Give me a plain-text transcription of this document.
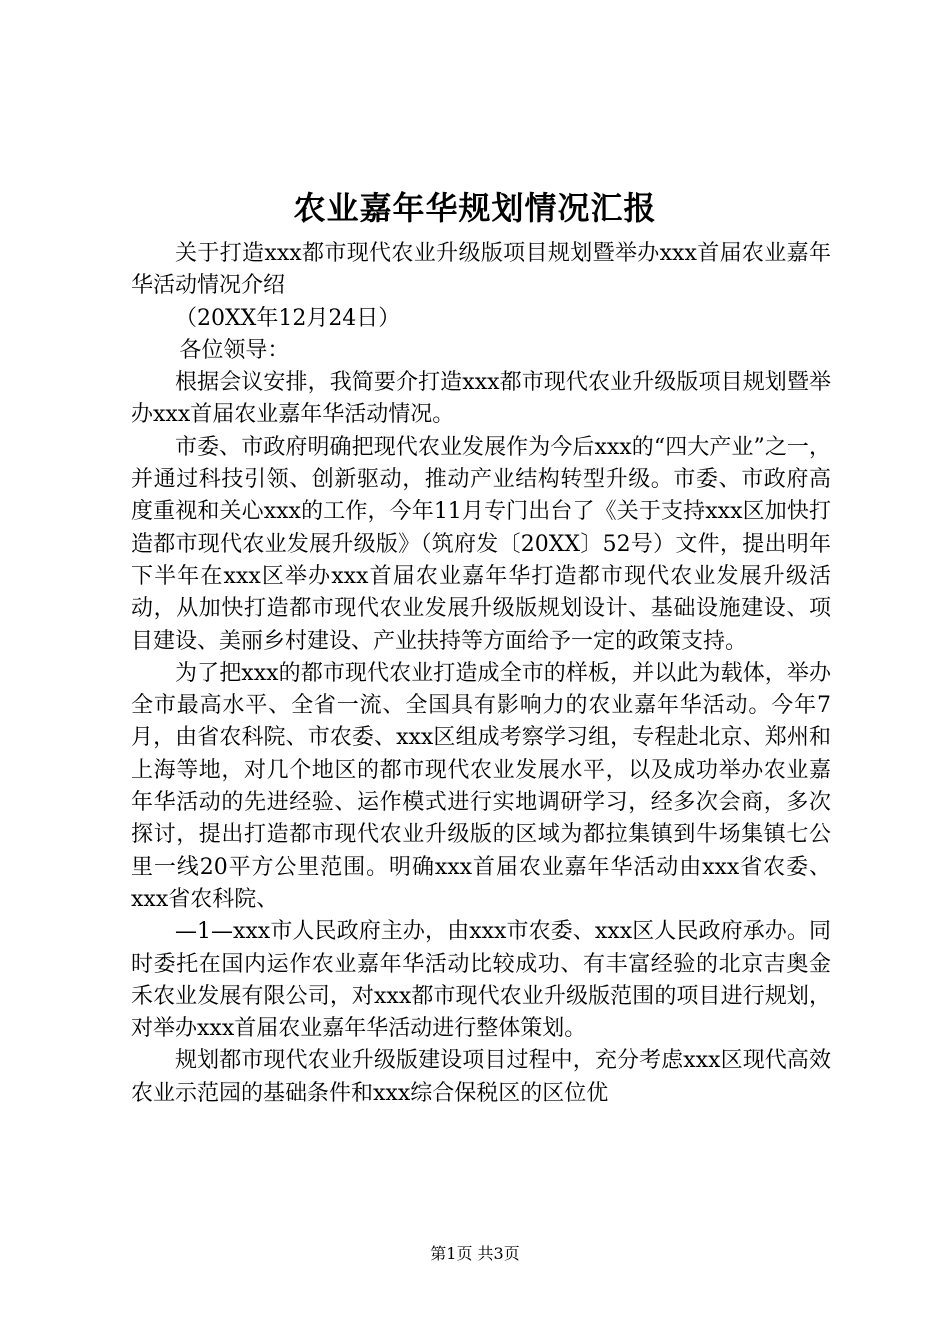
农业嘉年华规划情况汇报

关于打造xxx都市现代农业升级版项目规划暨举办xxx首届农业嘉年华活动情况介绍

（20XX年12月24日）

各位领导：

根据会议安排，我简要介打造xxx都市现代农业升级版项目规划暨举办xxx首届农业嘉年华活动情况。

市委、市政府明确把现代农业发展作为今后xxx的“四大产业”之一，并通过科技引领、创新驱动，推动产业结构转型升级。市委、市政府高度重视和关心xxx的工作，今年11月专门出台了《关于支持xxx区加快打造都市现代农业发展升级版》（筑府发〔20XX〕52号）文件，提出明年下半年在xxx区举办xxx首届农业嘉年华打造都市现代农业发展升级活动，从加快打造都市现代农业发展升级版规划设计、基础设施建设、项目建设、美丽乡村建设、产业扶持等方面给予一定的政策支持。

为了把xxx的都市现代农业打造成全市的样板，并以此为载体，举办全市最高水平、全省一流、全国具有影响力的农业嘉年华活动。今年7月，由省农科院、市农委、xxx区组成考察学习组，专程赴北京、郑州和上海等地，对几个地区的都市现代农业发展水平，以及成功举办农业嘉年华活动的先进经验、运作模式进行实地调研学习，经多次会商，多次探讨，提出打造都市现代农业升级版的区域为都拉集镇到牛场集镇七公里一线20平方公里范围。明确xxx首届农业嘉年华活动由xxx省农委、xxx省农科院、

—1—xxx市人民政府主办，由xxx市农委、xxx区人民政府承办。同时委托在国内运作农业嘉年华活动比较成功、有丰富经验的北京吉奥金禾农业发展有限公司，对xxx都市现代农业升级版范围的项目进行规划，对举办xxx首届农业嘉年华活动进行整体策划。

规划都市现代农业升级版建设项目过程中，充分考虑xxx区现代高效农业示范园的基础条件和xxx综合保税区的区位优

第1页 共3页
